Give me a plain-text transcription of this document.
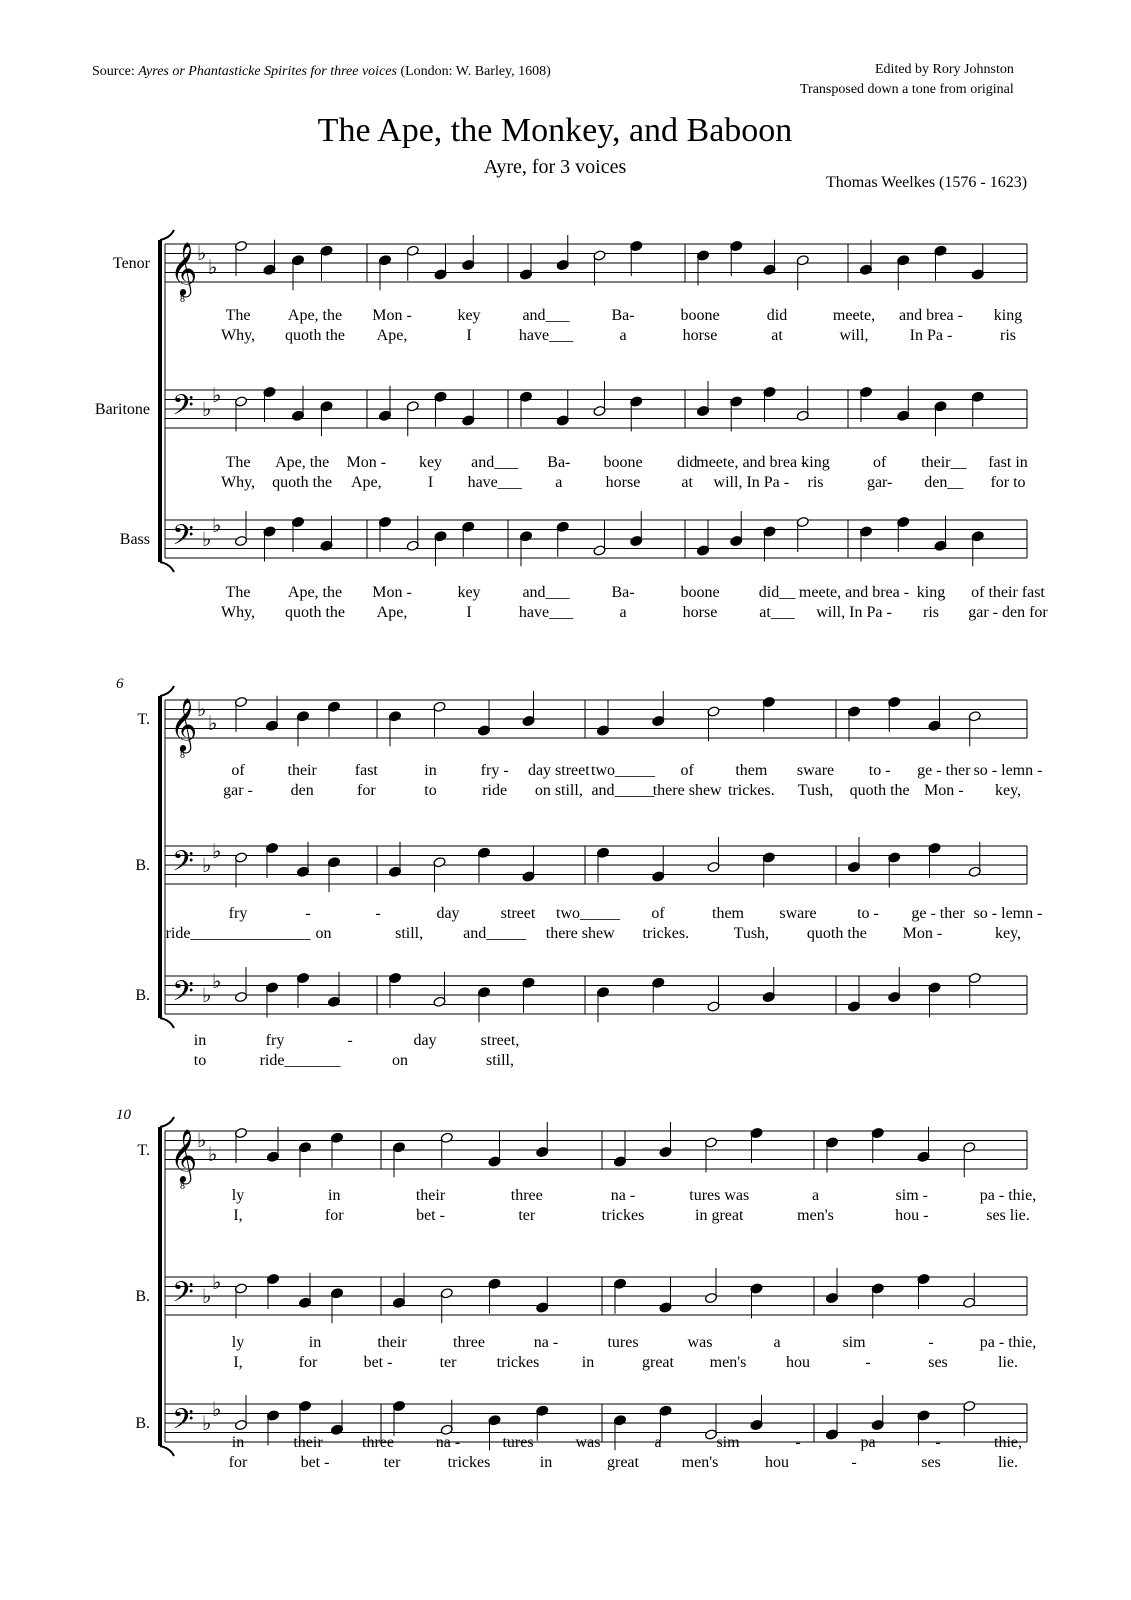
Source: Ayres or Phantasticke Spirites for three voices (London: W. Barley, 1608)	Edited by Rory Johnston
Transposed down a tone from original
The Ape, the Monkey, and Baboon
Ayre, for 3 voices
Thomas Weelkes (1576 - 1623)
Tenor
Baritone
Bass
𝄞
8
♭
♭
The Ape, the Mon -	key	and___	Ba-	boone	did	meete, and brea - king
Why, quoth the Ape,	I	have___	a	horse	at	will,	In Pa -	ris
𝄢 ♭
♭
The Ape, the Mon - key and___ Ba- boone did
meete, and brea -
king	of their__ fast in
Why, quoth the Ape,	I have___ a	horse	at will, In Pa - ris	gar- den__ for to
𝄢 ♭
♭
The Ape, the Mon -	key	and___	Ba-	boone did__ meete, and brea - king of their fast
Why, quoth the Ape,	I	have___	a	horse	at___ will, In Pa - ris gar - den for
T.
B.
B.
6
𝄞
8
♭
♭
of	their fast	in	fry - day street two_____ of	them sware to - ge - ther so - lemn -
gar - den	for	to	ride on still, and_____
there shew trickes. Tush, quoth the Mon - key,
𝄢 ♭
♭
fry	-	-	day	street two_____ of	them sware	to - ge - ther so - lemn -
ride_______________ on	still, and_____ there shew trickes.	Tush, quoth the Mon -	key,
𝄢 ♭
♭
in	fry	-	day	street,
to	ride_______	on	still,
T.
B.
B.
10
𝄞
8
♭
♭
ly	in	their	three	na -	tures was	a	sim -	pa - thie,
I,	for	bet -	ter	trickes	in great	men's	hou -	ses lie.
𝄢 ♭
♭
ly	in	their	three	na -	tures	was	a	sim	-	pa - thie,
I,	for	bet -	ter	trickes	in	great men's hou	-	ses	lie.
𝄢 ♭
♭
in	their three	na -	tures	was	a	sim	-	pa	-	thie,
for	bet -	ter	trickes	in	great	men's	hou	-	ses	lie.
